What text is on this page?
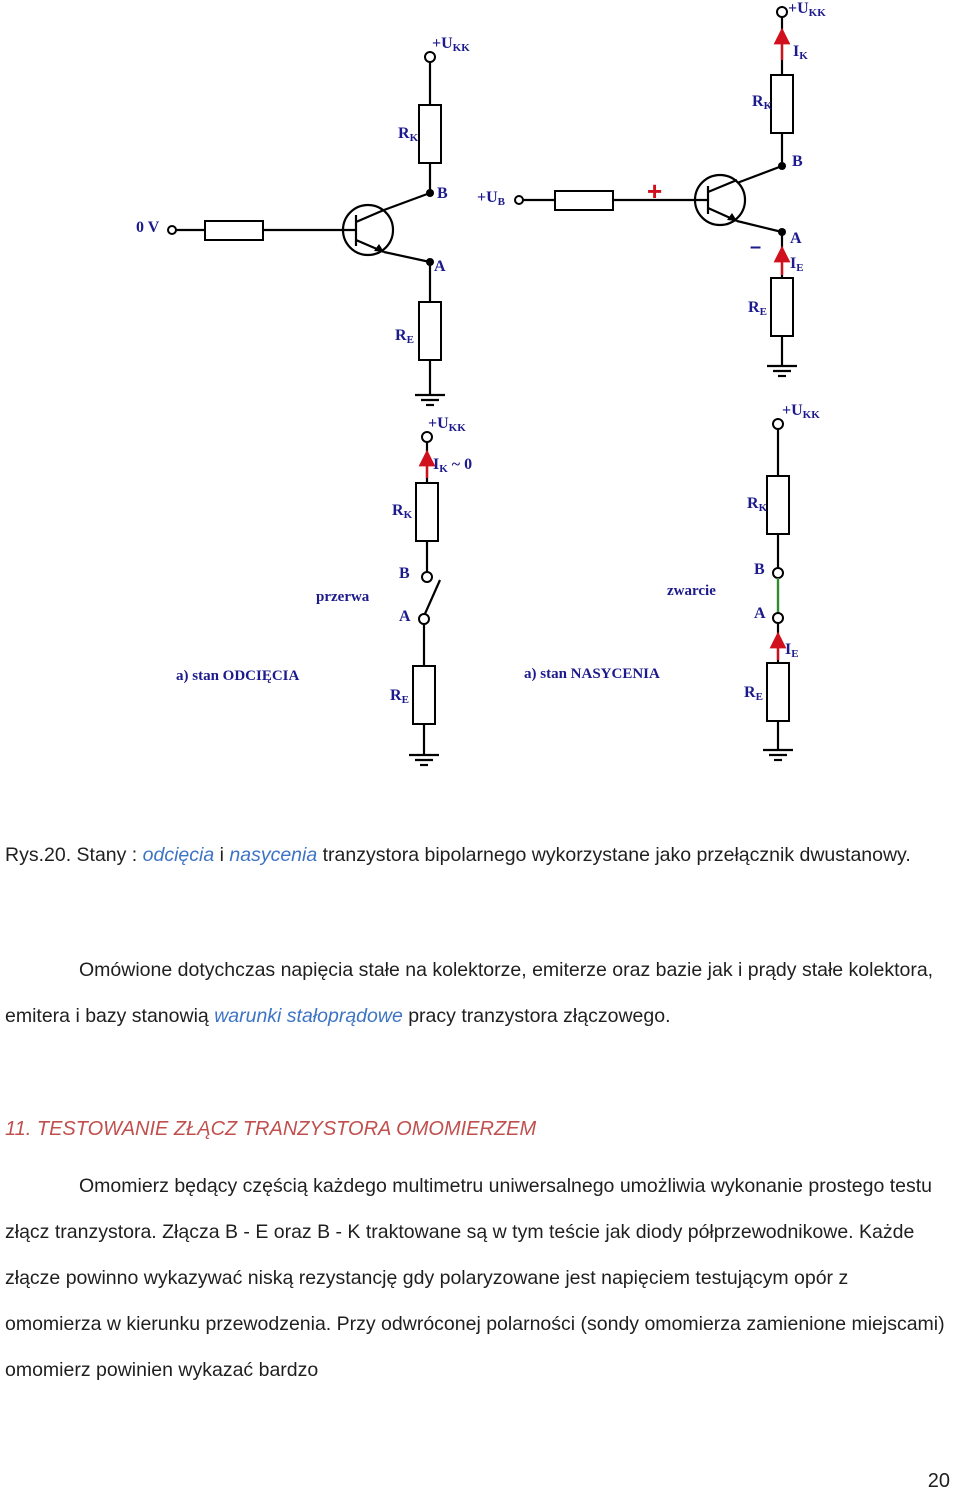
+UKK
RK
B
A
0 V
RE
+UKK
IK
RK
B
A
IE
RE
+UB	+
–
+UKK
IK ~ 0
RK
B
A
RE
przerwa
a) stan ODCIĘCIA
+UKK
RK
B
A
IE
RE
zwarcie
a) stan NASYCENIA

Rys.20. Stany : odcięcia i nasycenia tranzystora bipolarnego wykorzystane jako przełącznik dwustanowy.

Omówione dotychczas napięcia stałe na kolektorze, emiterze oraz bazie jak i prądy stałe kolektora, emitera i bazy stanowią warunki stałoprądowe pracy tranzystora złączowego.

11. TESTOWANIE ZŁĄCZ TRANZYSTORA OMOMIERZEM

Omomierz będący częścią każdego multimetru uniwersalnego umożliwia wykonanie prostego testu złącz tranzystora. Złącza B - E oraz B - K traktowane są w tym teście jak diody półprzewodnikowe. Każde złącze powinno wykazywać niską rezystancję gdy polaryzowane jest napięciem testującym opór z omomierza w kierunku przewodzenia. Przy odwróconej polarności (sondy omomierza zamienione miejscami) omomierz powinien wykazać bardzo

20
